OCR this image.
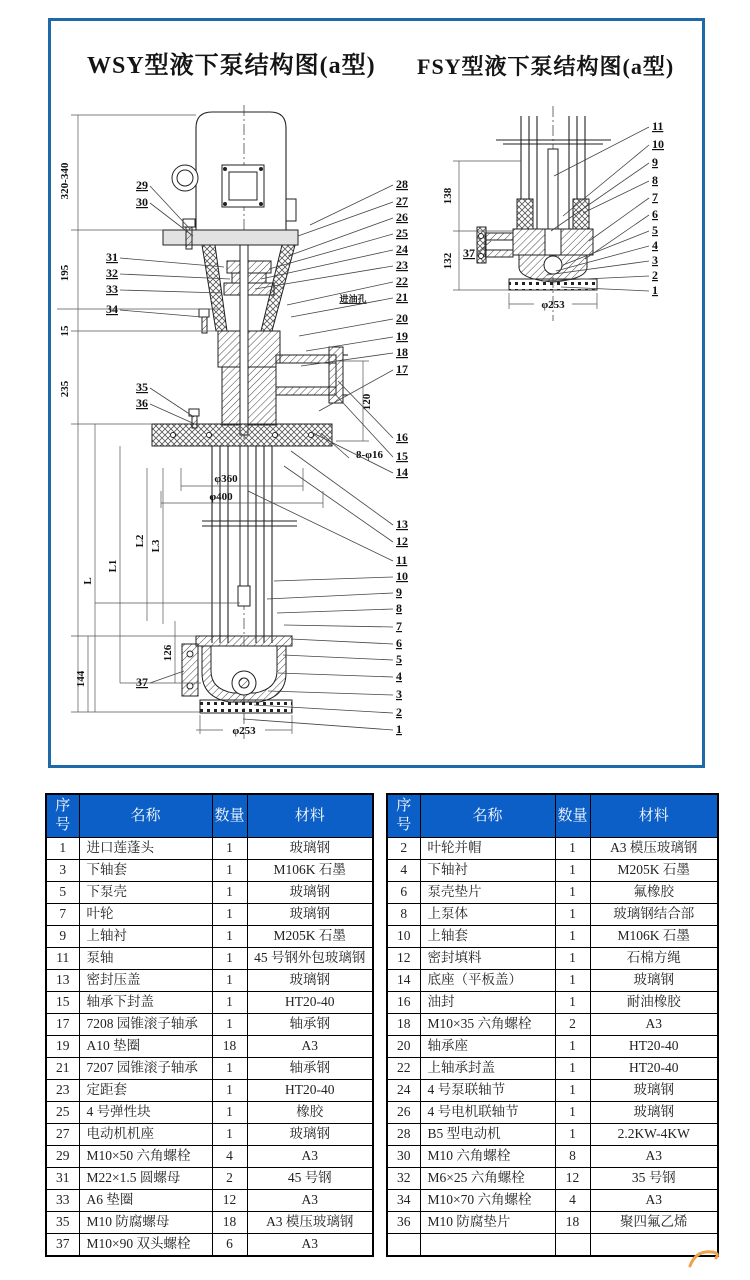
WSY型液下泵结构图(a型) FSY型液下泵结构图(a型)
320-340
195
15
235
144
L
L1
L2 L3
126
120
φ360
φ400
8-φ16
φ253
进油孔
29
30
31
32
33
34
35
36
37
28
27
26
25
24
23
22
21
20
19
18
17
16
15
14
13
12
11
10
9
8
7
6
5
4
3
2
1
138
132
φ253
37
11
10
9
8
7
6
5
4
3
2
1
序号	名称	数量	材料
1	进口莲蓬头	1	玻璃钢
3	下轴套	1	M106K 石墨
5	下泵壳	1	玻璃钢
7	叶轮	1	玻璃钢
9	上轴衬	1	M205K 石墨
11	泵轴	1	45 号钢外包玻璃钢
13	密封压盖	1	玻璃钢
15	轴承下封盖	1	HT20-40
17	7208 园锥滚子轴承	1	轴承钢
19	A10 垫圈	18	A3
21	7207 园锥滚子轴承	1	轴承钢
23	定距套	1	HT20-40
25	4 号弹性块	1	橡胶
27	电动机机座	1	玻璃钢
29	M10×50 六角螺栓	4	A3
31	M22×1.5 圆螺母	2	45 号钢
33	A6 垫圈	12	A3
35	M10 防腐螺母	18	A3 模压玻璃钢
37	M10×90 双头螺栓	6	A3
序号	名称	数量	材料
2	叶轮并帽	1	A3 模压玻璃钢
4	下轴衬	1	M205K 石墨
6	泵壳垫片	1	氟橡胶
8	上泵体	1	玻璃钢结合部
10	上轴套	1	M106K 石墨
12	密封填料	1	石棉方绳
14	底座（平板盖）	1	玻璃钢
16	油封	1	耐油橡胶
18	M10×35 六角螺栓	2	A3
20	轴承座	1	HT20-40
22	上轴承封盖	1	HT20-40
24	4 号泵联轴节	1	玻璃钢
26	4 号电机联轴节	1	玻璃钢
28	B5 型电动机	1	2.2KW-4KW
30	M10 六角螺栓	8	A3
32	M6×25 六角螺栓	12	35 号钢
34	M10×70 六角螺栓	4	A3
36	M10 防腐垫片	18	聚四氟乙烯
